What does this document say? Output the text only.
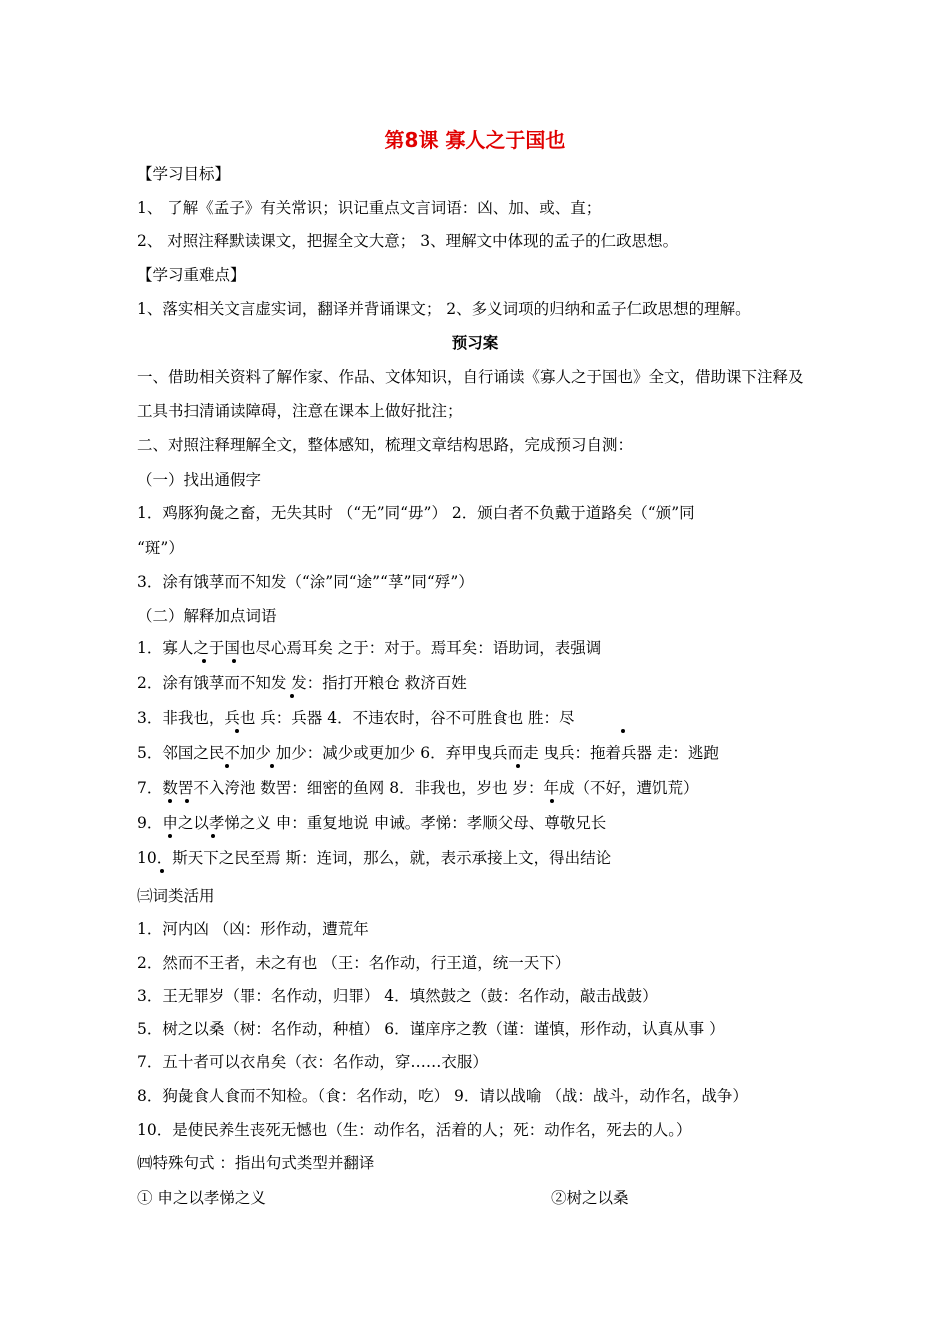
第8课 寡人之于国也
【学习目标】
1、 了解《孟子》有关常识；识记重点文言词语：凶、加、或、直；
2、 对照注释默读课文，把握全文大意； 3、理解文中体现的孟子的仁政思想。
【学习重难点】
1、落实相关文言虚实词，翻译并背诵课文； 2、多义词项的归纳和孟子仁政思想的理解。
一、借助相关资料了解作家、作品、文体知识，自行诵读《寡人之于国也》全文，借助课下注释及
工具书扫清诵读障碍，注意在课本上做好批注；
二、对照注释理解全文，整体感知，梳理文章结构思路，完成预习自测：
（一）找出通假字
1．鸡豚狗彘之畜，无失其时 （“无”同“毋”） 2．颁白者不负戴于道路矣（“颁”同
“斑”）
3．涂有饿莩而不知发（“涂”同“途”“莩”同“殍”）
（二）解释加点词语
1．寡人之于国也尽心焉耳矣 之于：对于。焉耳矣：语助词，表强调
2．涂有饿莩而不知发 发：指打开粮仓 救济百姓
3．非我也，兵也 兵：兵器 4．不违农时，谷不可胜食也 胜：尽
5．邻国之民不加少 加少：减少或更加少 6．弃甲曳兵而走 曳兵：拖着兵器 走：逃跑
7．数罟不入洿池 数罟：细密的鱼网 8．非我也，岁也 岁：年成（不好，遭饥荒）
9．申之以孝悌之义 申：重复地说 申诫。孝悌：孝顺父母、尊敬兄长
10．斯天下之民至焉 斯：连词，那么，就，表示承接上文，得出结论
㈢词类活用
1．河内凶 （凶：形作动，遭荒年
2．然而不王者，未之有也 （王：名作动，行王道，统一天下）
3．王无罪岁（罪：名作动，归罪） 4．填然鼓之（鼓：名作动，敲击战鼓）
5．树之以桑（树：名作动，种植） 6．谨庠序之教（谨：谨慎，形作动，认真从事 ）
7．五十者可以衣帛矣（衣：名作动，穿……衣服）
8．狗彘食人食而不知检。（食：名作动，吃） 9．请以战喻 （战：战斗，动作名，战争）
10．是使民养生丧死无憾也（生：动作名，活着的人；死：动作名，死去的人。）
㈣特殊句式 ：指出句式类型并翻译
预习案
① 申之以孝悌之义	②树之以桑
